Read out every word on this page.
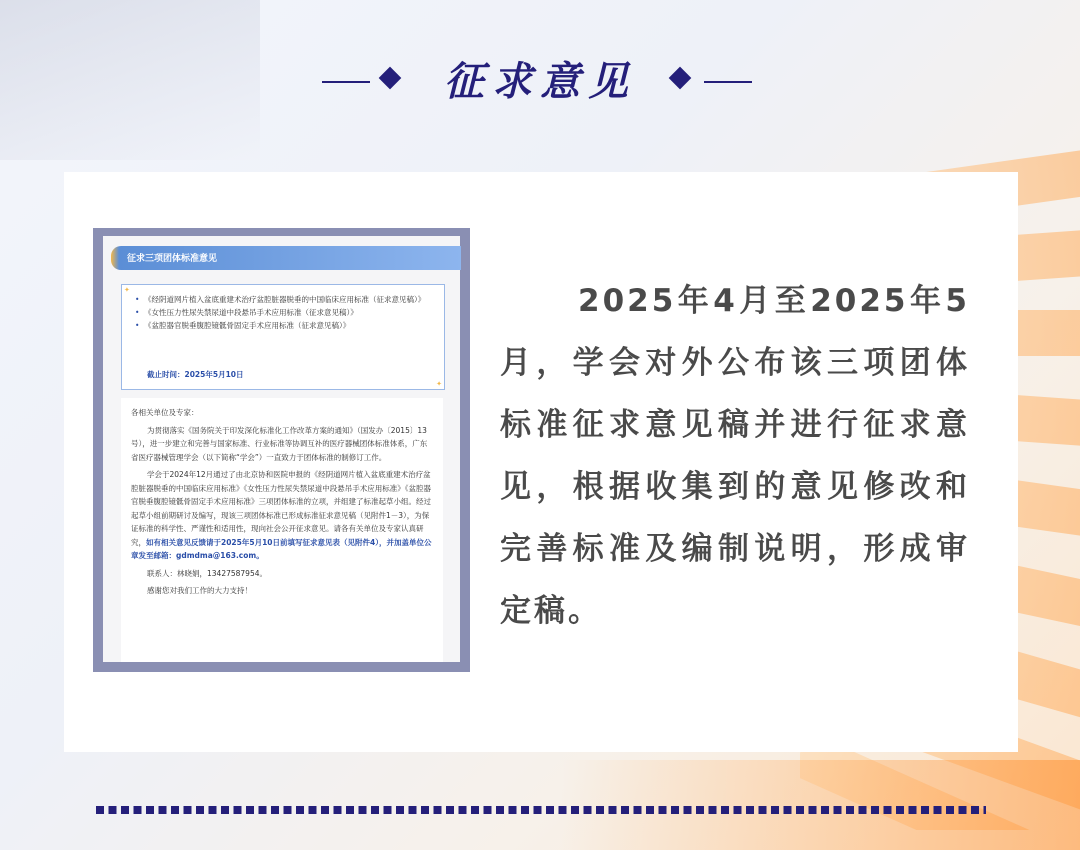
征求意见
征求三项团体标准意见
✦
✦
• 《经阴道网片植入盆底重建术治疗盆腔脏器脱垂的中国临床应用标准（征求意见稿）》
• 《女性压力性尿失禁尿道中段悬吊手术应用标准（征求意见稿）》
• 《盆腔器官脱垂腹腔镜骶骨固定手术应用标准（征求意见稿）》
截止时间：2025年5月10日

各相关单位及专家：

为贯彻落实《国务院关于印发深化标准化工作改革方案的通知》（国发办〔2015〕13号），进一步建立和完善与国家标准、行业标准等协调互补的医疗器械团体标准体系，广东省医疗器械管理学会（以下简称“学会”）一直致力于团体标准的制修订工作。

学会于2024年12月通过了由北京协和医院申报的《经阴道网片植入盆底重建术治疗盆腔脏器脱垂的中国临床应用标准》《女性压力性尿失禁尿道中段悬吊手术应用标准》《盆腔器官脱垂腹腔镜骶骨固定手术应用标准》三项团体标准的立项，并组建了标准起草小组。经过起草小组前期研讨及编写，现该三项团体标准已形成标准征求意见稿（见附件1－3），为保证标准的科学性、严谨性和适用性，现向社会公开征求意见。请各有关单位及专家认真研究，如有相关意见反馈请于2025年5月10日前填写征求意见表（见附件4），并加盖单位公章发至邮箱：gdmdma@163.com。

联系人：林晓娟，13427587954。

感谢您对我们工作的大力支持！

2025年4月至2025年5月，学会对外公布该三项团体标准征求意见稿并进行征求意见，根据收集到的意见修改和完善标准及编制说明，形成审定稿。
